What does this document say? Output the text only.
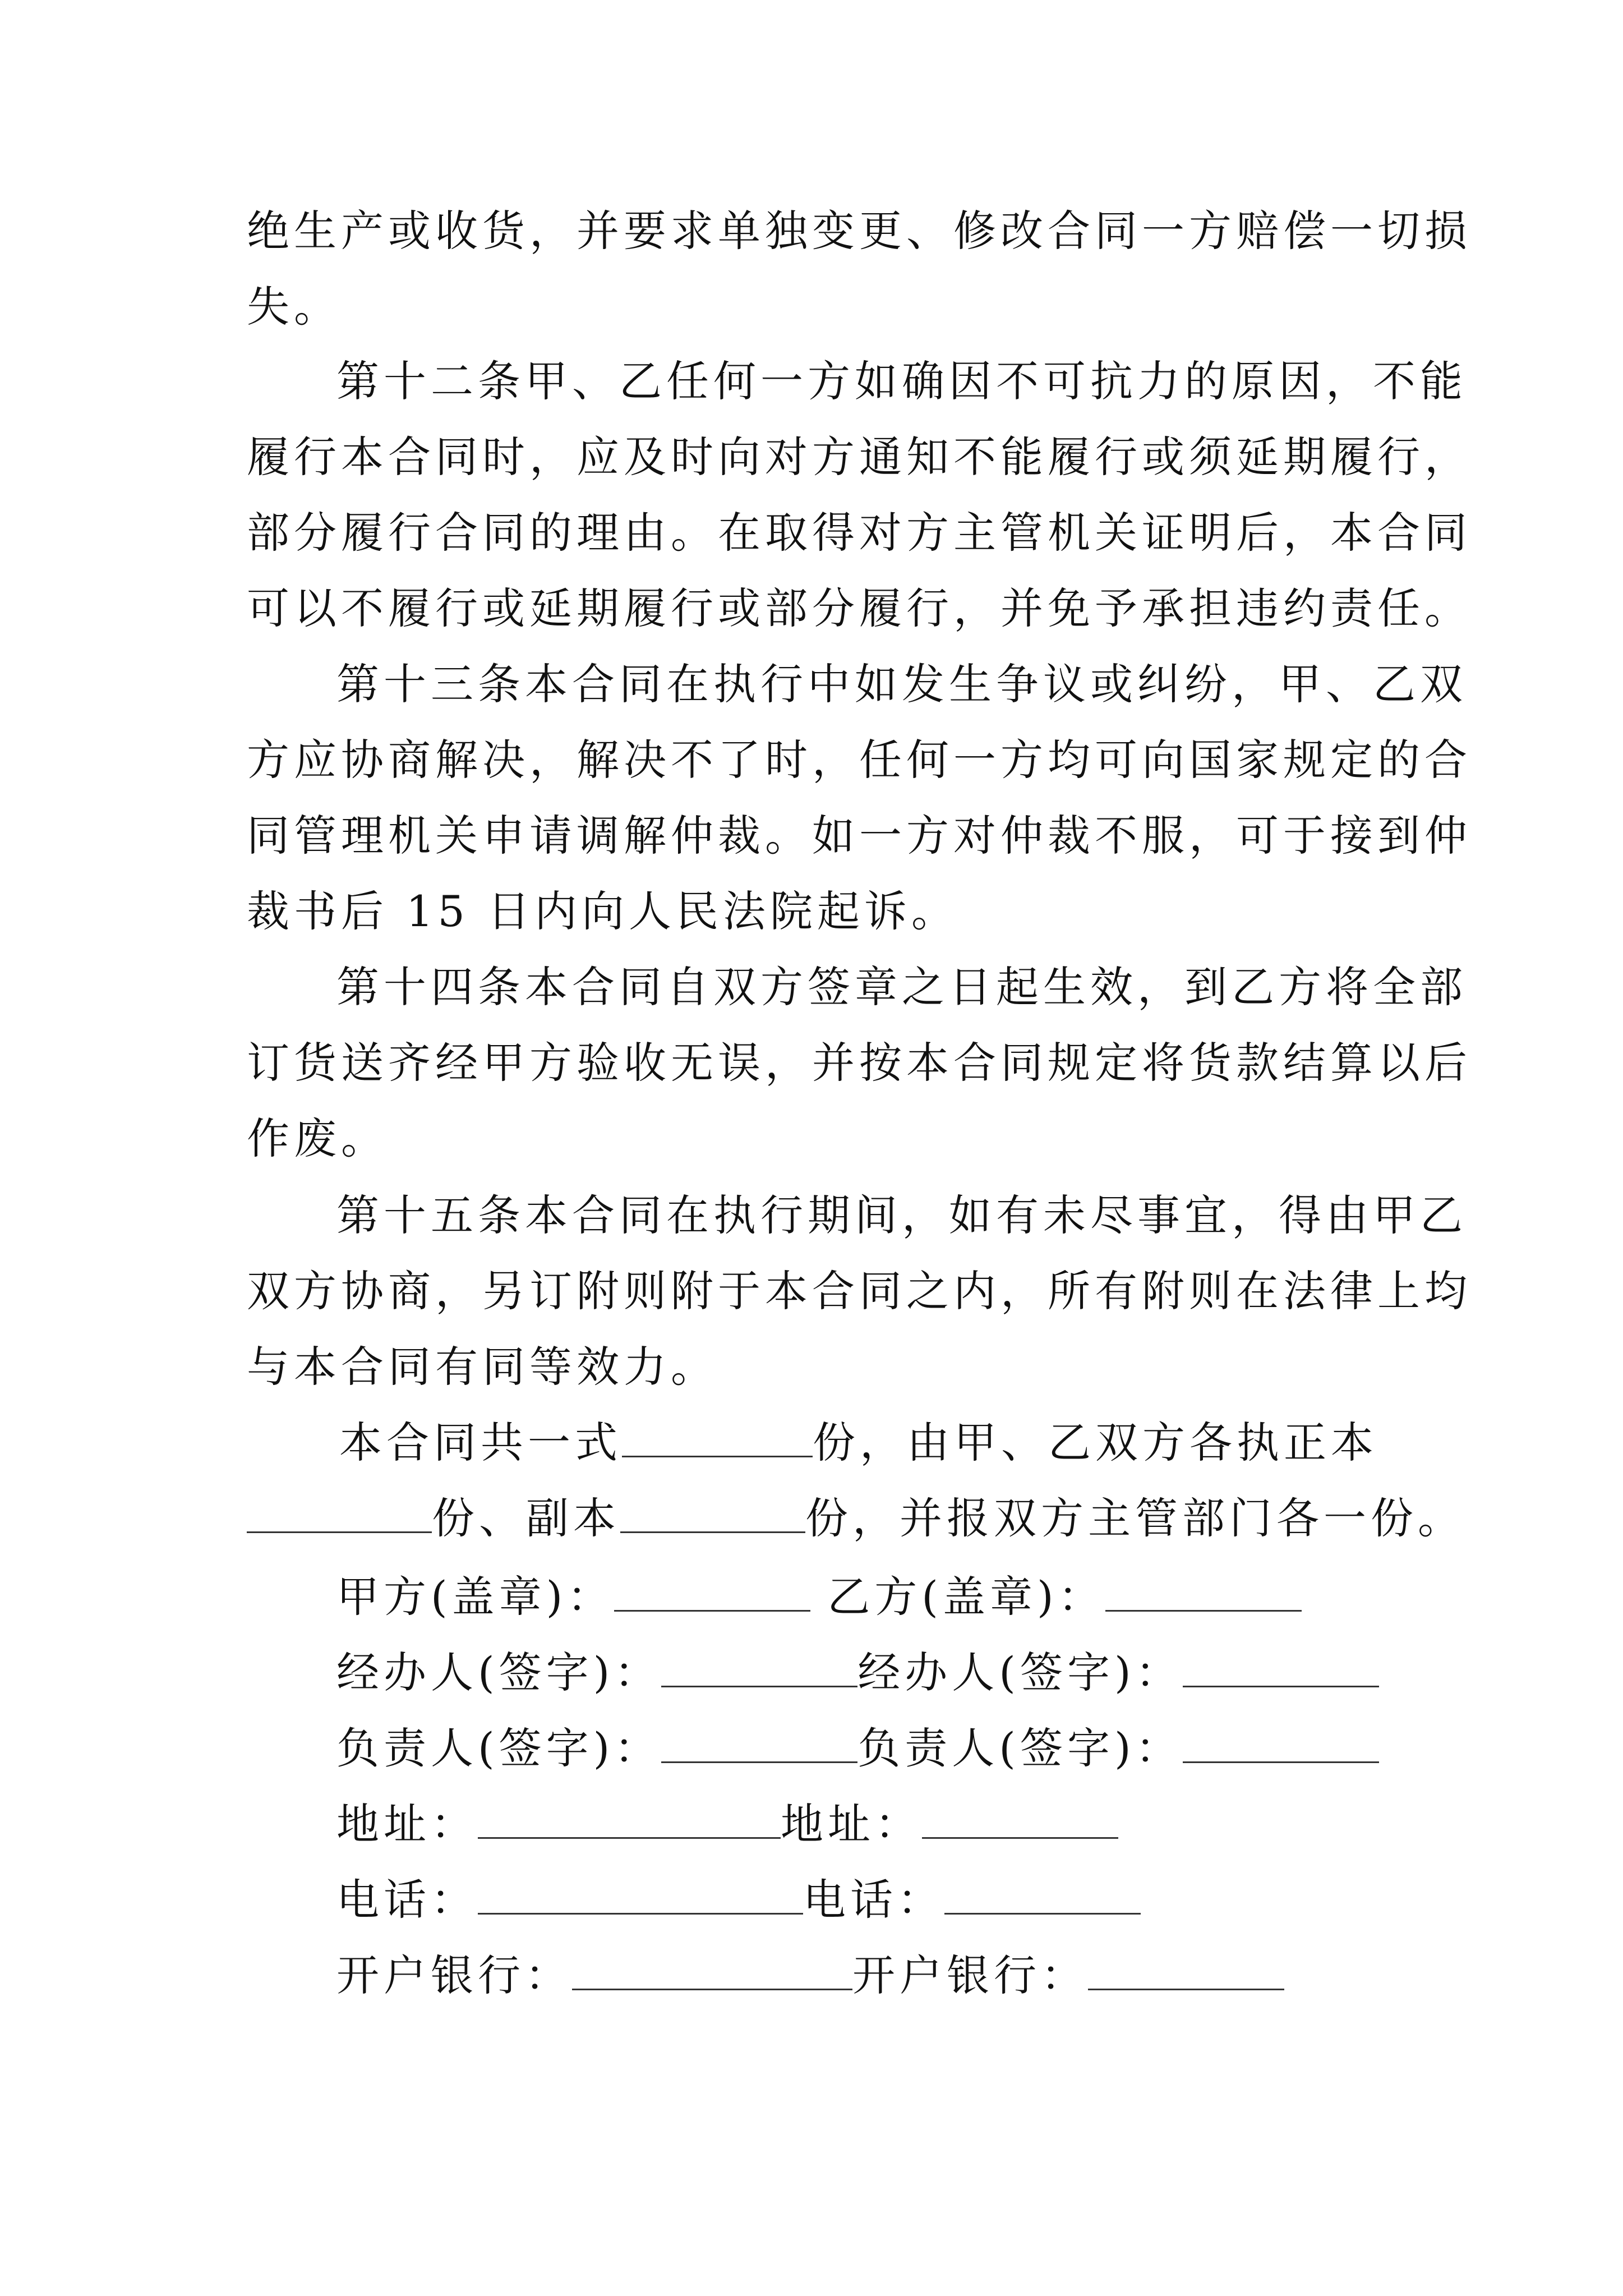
绝生产或收货，并要求单独变更、修改合同一方赔偿一切损

失。

第十二条甲、乙任何一方如确因不可抗力的原因，不能

履行本合同时，应及时向对方通知不能履行或须延期履行，

部分履行合同的理由。在取得对方主管机关证明后，本合同

可以不履行或延期履行或部分履行，并免予承担违约责任。

第十三条本合同在执行中如发生争议或纠纷，甲、乙双

方应协商解决，解决不了时，任何一方均可向国家规定的合

同管理机关申请调解仲裁。如一方对仲裁不服，可于接到仲

裁书后 15 日内向人民法院起诉。

第十四条本合同自双方签章之日起生效，到乙方将全部

订货送齐经甲方验收无误，并按本合同规定将货款结算以后

作废。

第十五条本合同在执行期间，如有未尽事宜，得由甲乙

双方协商，另订附则附于本合同之内，所有附则在法律上均

与本合同有同等效力。

本合同共一式	份，由甲、乙双方各执正本

份、副本	份，并报双方主管部门各一份。

甲方(盖章)：	乙方(盖章)：

经办人(签字)：	经办人(签字)：

负责人(签字)：	负责人(签字)：

地址：	地址：

电话：	电话：

开户银行：	开户银行：
